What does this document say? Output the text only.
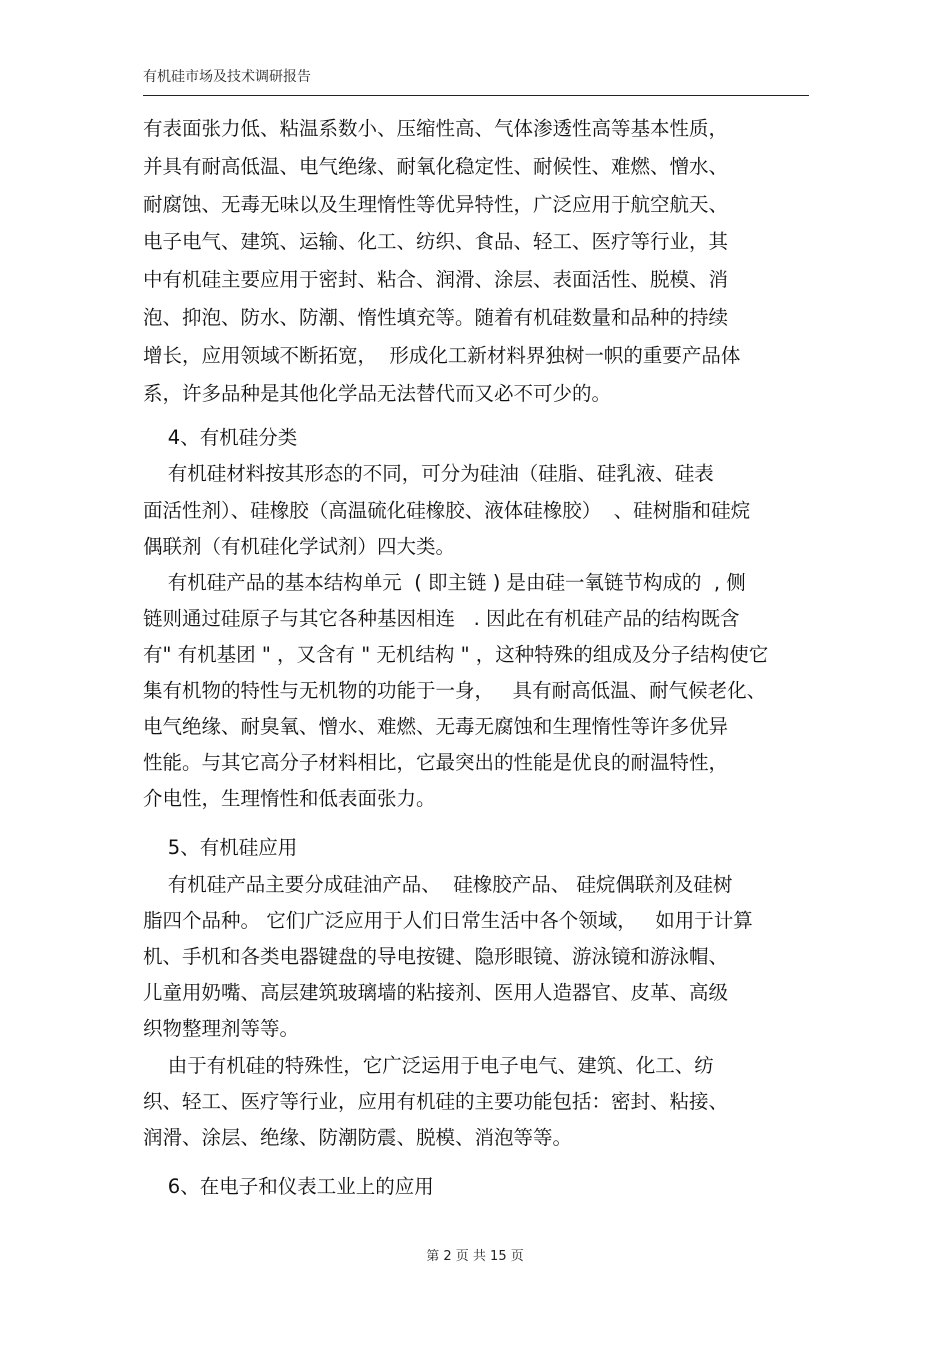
有机硅市场及技术调研报告
有表面张力低、粘温系数小、压缩性高、气体渗透性高等基本性质，
并具有耐高低温、电气绝缘、耐氧化稳定性、耐候性、难燃、憎水、
耐腐蚀、无毒无味以及生理惰性等优异特性，广泛应用于航空航天、
电子电气、建筑、运输、化工、纺织、食品、轻工、医疗等行业，其
中有机硅主要应用于密封、粘合、润滑、涂层、表面活性、脱模、消
泡、抑泡、防水、防潮、惰性填充等。随着有机硅数量和品种的持续
增长，应用领域不断拓宽，  形成化工新材料界独树一帜的重要产品体
系，许多品种是其他化学品无法替代而又必不可少的。
4、有机硅分类
有机硅材料按其形态的不同，可分为硅油（硅脂、硅乳液、硅表
面活性剂）、硅橡胶（高温硫化硅橡胶、液体硅橡胶）  、硅树脂和硅烷
偶联剂（有机硅化学试剂）四大类。
有机硅产品的基本结构单元  ( 即主链 ) 是由硅一氧链节构成的  , 侧
链则通过硅原子与其它各种基因相连   . 因此在有机硅产品的结构既含
有" 有机基团 " ，又含有 " 无机结构 " ，这种特殊的组成及分子结构使它
集有机物的特性与无机物的功能于一身，   具有耐高低温、耐气候老化、
电气绝缘、耐臭氧、憎水、难燃、无毒无腐蚀和生理惰性等许多优异
性能。与其它高分子材料相比，它最突出的性能是优良的耐温特性，
介电性，生理惰性和低表面张力。
5、有机硅应用
有机硅产品主要分成硅油产品、  硅橡胶产品、 硅烷偶联剂及硅树
脂四个品种。 它们广泛应用于人们日常生活中各个领域，   如用于计算
机、手机和各类电器键盘的导电按键、隐形眼镜、游泳镜和游泳帽、
儿童用奶嘴、高层建筑玻璃墙的粘接剂、医用人造器官、皮革、高级
织物整理剂等等。
由于有机硅的特殊性，它广泛运用于电子电气、建筑、化工、纺
织、轻工、医疗等行业，应用有机硅的主要功能包括：密封、粘接、
润滑、涂层、绝缘、防潮防震、脱模、消泡等等。
6、在电子和仪表工业上的应用
第 2 页 共 15 页
